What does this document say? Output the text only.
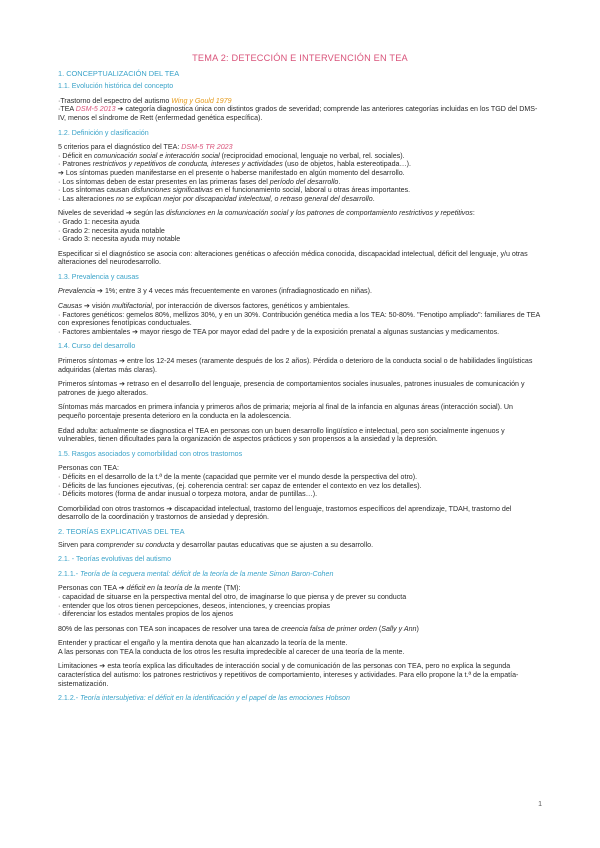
TEMA 2: DETECCIÓN E INTERVENCIÓN EN TEA
1. CONCEPTUALIZACIÓN DEL TEA
1.1. Evolución histórica del concepto
·Trastorno del espectro del autismo Wing y Gould 1979
·TEA DSM-5 2013 ➔ categoría diagnostica única con distintos grados de severidad; comprende las anteriores categorías incluidas en los TGD del DMS-IV, menos el síndrome de Rett (enfermedad genética específica).
1.2. Definición y clasificación
5 criterios para el diagnóstico del TEA: DSM-5 TR 2023
· Déficit en comunicación social e interacción social (reciprocidad emocional, lenguaje no verbal, rel. sociales).
· Patrones restrictivos y repetitivos de conducta, intereses y actividades (uso de objetos, habla estereotipada…).
➔ Los síntomas pueden manifestarse en el presente o haberse manifestado en algún momento del desarrollo.
· Los síntomas deben de estar presentes en las primeras fases del período del desarrollo.
· Los síntomas causan disfunciones significativas en el funcionamiento social, laboral u otras áreas importantes.
· Las alteraciones no se explican mejor por discapacidad intelectual, o retraso general del desarrollo.
Niveles de severidad ➔ según las disfunciones en la comunicación social y los patrones de comportamiento restrictivos y repetitivos:
· Grado 1: necesita ayuda
· Grado 2: necesita ayuda notable
· Grado 3: necesita ayuda muy notable
Especificar si el diagnóstico se asocia con: alteraciones genéticas o afección médica conocida, discapacidad intelectual, déficit del lenguaje, y/u otras alteraciones del neurodesarrollo.
1.3. Prevalencia y causas
Prevalencia ➔ 1%; entre 3 y 4 veces más frecuentemente en varones (infradiagnosticado en niñas).
Causas ➔ visión multifactorial, por interacción de diversos factores, genéticos y ambientales.
· Factores genéticos: gemelos 80%, mellizos 30%, y en un 30%. Contribución genética media a los TEA: 50-80%. "Fenotipo ampliado": familiares de TEA con expresiones fenotípicas conductuales.
· Factores ambientales ➔ mayor riesgo de TEA por mayor edad del padre y de la exposición prenatal a algunas sustancias y medicamentos.
1.4. Curso del desarrollo
Primeros síntomas ➔ entre los 12-24 meses (raramente después de los 2 años). Pérdida o deterioro de la conducta social o de habilidades lingüísticas adquiridas (alertas más claras).
Primeros síntomas ➔ retraso en el desarrollo del lenguaje, presencia de comportamientos sociales inusuales, patrones inusuales de comunicación y patrones de juego alterados.
Síntomas más marcados en primera infancia y primeros años de primaria; mejoría al final de la infancia en algunas áreas (interacción social). Un pequeño porcentaje presenta deterioro en la conducta en la adolescencia.
Edad adulta: actualmente se diagnostica el TEA en personas con un buen desarrollo lingüístico e intelectual, pero son socialmente ingenuos y vulnerables, tienen dificultades para la organización de aspectos prácticos y son propensos a la ansiedad y la depresión.
1.5. Rasgos asociados y comorbilidad con otros trastornos
Personas con TEA:
· Déficits en el desarrollo de la t.ª de la mente (capacidad que permite ver el mundo desde la perspectiva del otro).
· Déficits de las funciones ejecutivas, (ej. coherencia central: ser capaz de entender el contexto en vez los detalles).
· Déficits motores (forma de andar inusual o torpeza motora, andar de puntillas…).
Comorbilidad con otros trastornos ➔ discapacidad intelectual, trastorno del lenguaje, trastornos específicos del aprendizaje, TDAH, trastorno del desarrollo de la coordinación y trastornos de ansiedad y depresión.
2. TEORÍAS EXPLICATIVAS DEL TEA
Sirven para comprender su conducta y desarrollar pautas educativas que se ajusten a su desarrollo.
2.1. - Teorías evolutivas del autismo
2.1.1.- Teoría de la ceguera mental: déficit de la teoría de la mente Simon Baron-Cohen
Personas con TEA ➔ déficit en la teoría de la mente (TM):
· capacidad de situarse en la perspectiva mental del otro, de imaginarse lo que piensa y de prever su conducta
· entender que los otros tienen percepciones, deseos, intenciones, y creencias propias
· diferenciar los estados mentales propios de los ajenos
80% de las personas con TEA son incapaces de resolver una tarea de creencia falsa de primer orden (Sally y Ann)
Entender y practicar el engaño y la mentira denota que han alcanzado la teoría de la mente.
A las personas con TEA la conducta de los otros les resulta impredecible al carecer de una teoría de la mente.
Limitaciones ➔ esta teoría explica las dificultades de interacción social y de comunicación de las personas con TEA, pero no explica la segunda característica del autismo: los patrones restrictivos y repetitivos de comportamiento, intereses y actividades. Para ello propone la t.ª de la empatía-sistematización.
2.1.2.- Teoría intersubjetiva: el déficit en la identificación y el papel de las emociones Hobson
1
